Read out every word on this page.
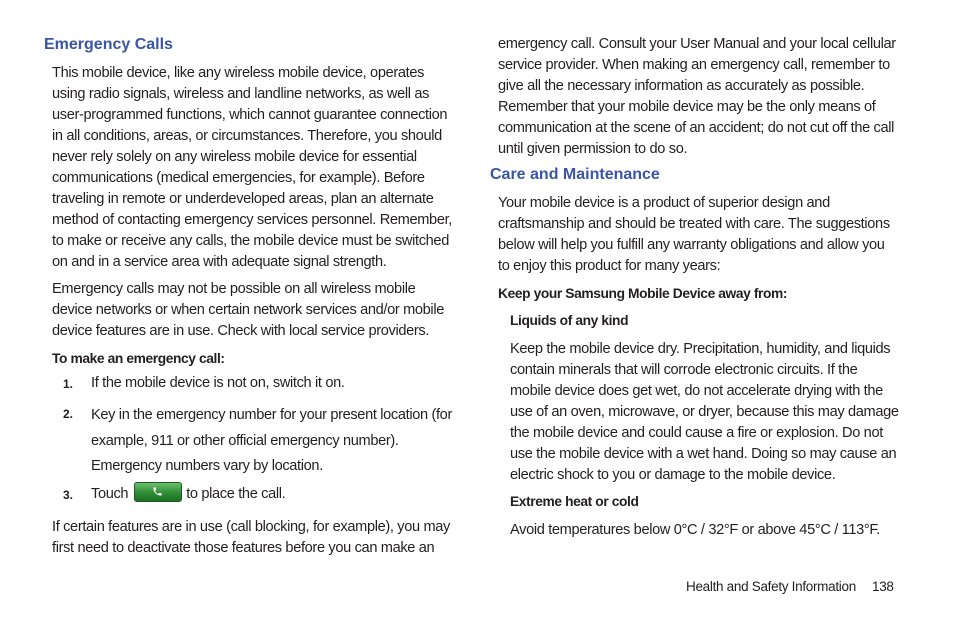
Emergency Calls
This mobile device, like any wireless mobile device, operates
using radio signals, wireless and landline networks, as well as
user-programmed functions, which cannot guarantee connection
in all conditions, areas, or circumstances. Therefore, you should
never rely solely on any wireless mobile device for essential
communications (medical emergencies, for example). Before
traveling in remote or underdeveloped areas, plan an alternate
method of contacting emergency services personnel. Remember,
to make or receive any calls, the mobile device must be switched
on and in a service area with adequate signal strength.
Emergency calls may not be possible on all wireless mobile
device networks or when certain network services and/or mobile
device features are in use. Check with local service providers.
To make an emergency call:
1. If the mobile device is not on, switch it on.
2. Key in the emergency number for your present location (for
example, 911 or other official emergency number).
Emergency numbers vary by location.
3. Touch	to place the call.
If certain features are in use (call blocking, for example), you may
first need to deactivate those features before you can make an
emergency call. Consult your User Manual and your local cellular
service provider. When making an emergency call, remember to
give all the necessary information as accurately as possible.
Remember that your mobile device may be the only means of
communication at the scene of an accident; do not cut off the call
until given permission to do so.
Care and Maintenance
Your mobile device is a product of superior design and
craftsmanship and should be treated with care. The suggestions
below will help you fulfill any warranty obligations and allow you
to enjoy this product for many years:
Keep your Samsung Mobile Device away from:
Liquids of any kind
Keep the mobile device dry. Precipitation, humidity, and liquids
contain minerals that will corrode electronic circuits. If the
mobile device does get wet, do not accelerate drying with the
use of an oven, microwave, or dryer, because this may damage
the mobile device and could cause a fire or explosion. Do not
use the mobile device with a wet hand. Doing so may cause an
electric shock to you or damage to the mobile device.
Extreme heat or cold
Avoid temperatures below 0°C / 32°F or above 45°C / 113°F.
Health and Safety Information 138
